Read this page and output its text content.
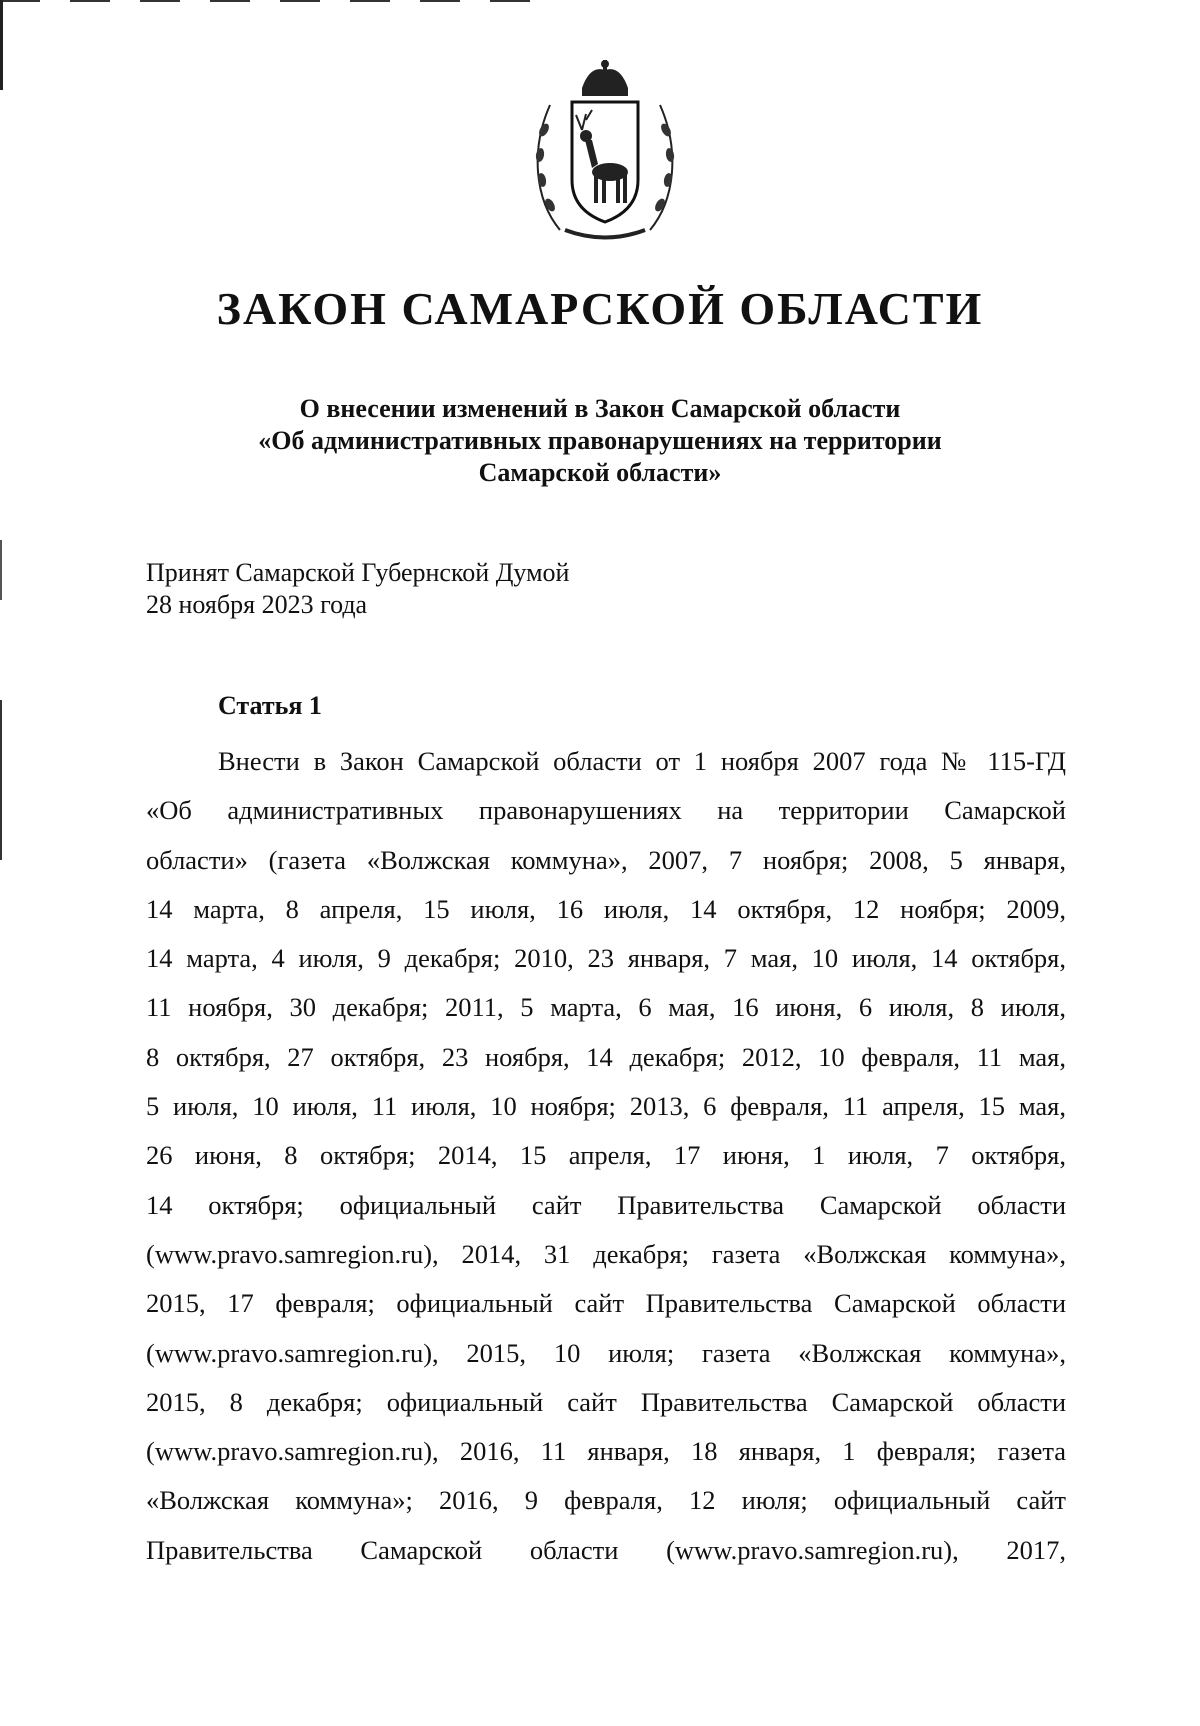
ЗАКОН САМАРСКОЙ ОБЛАСТИ
О внесении изменений в Закон Самарской области
«Об административных правонарушениях на территории
Самарской области»
Принят Самарской Губернской Думой
28 ноября 2023 года
Статья 1
Внести в Закон Самарской области от 1 ноября 2007 года № 115-ГД
«Об административных правонарушениях на территории Самарской
области» (газета «Волжская коммуна», 2007, 7 ноября; 2008, 5 января,
14 марта, 8 апреля, 15 июля, 16 июля, 14 октября, 12 ноября; 2009,
14 марта, 4 июля, 9 декабря; 2010, 23 января, 7 мая, 10 июля, 14 октября,
11 ноября, 30 декабря; 2011, 5 марта, 6 мая, 16 июня, 6 июля, 8 июля,
8 октября, 27 октября, 23 ноября, 14 декабря; 2012, 10 февраля, 11 мая,
5 июля, 10 июля, 11 июля, 10 ноября; 2013, 6 февраля, 11 апреля, 15 мая,
26 июня, 8 октября; 2014, 15 апреля, 17 июня, 1 июля, 7 октября,
14 октября; официальный сайт Правительства Самарской области
(www.pravo.samregion.ru), 2014, 31 декабря; газета «Волжская коммуна»,
2015, 17 февраля; официальный сайт Правительства Самарской области
(www.pravo.samregion.ru), 2015, 10 июля; газета «Волжская коммуна»,
2015, 8 декабря; официальный сайт Правительства Самарской области
(www.pravo.samregion.ru), 2016, 11 января, 18 января, 1 февраля; газета
«Волжская коммуна»; 2016, 9 февраля, 12 июля; официальный сайт
Правительства Самарской области (www.pravo.samregion.ru), 2017,
